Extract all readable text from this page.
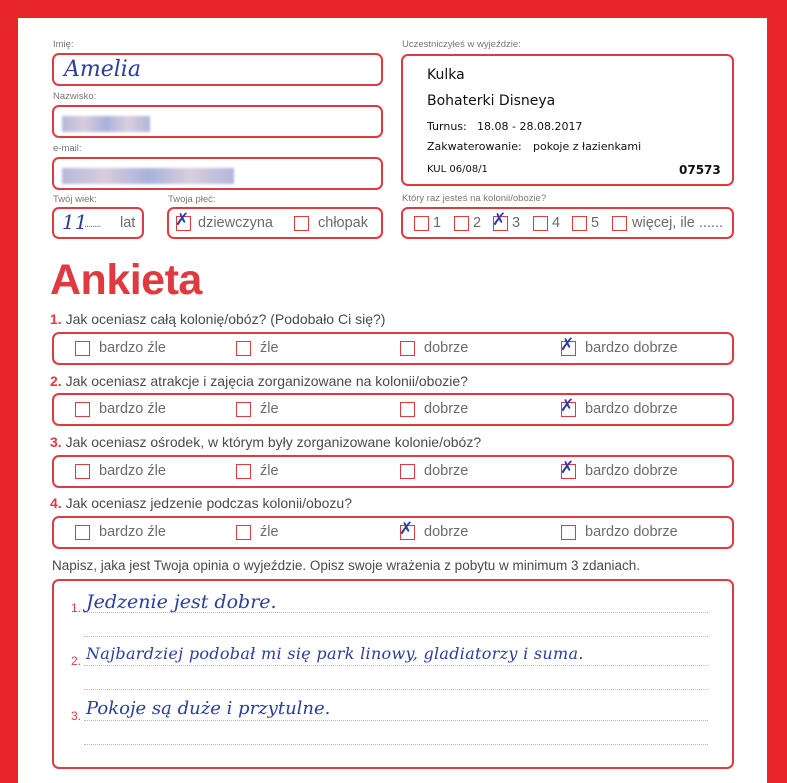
Imię:
Amelia
Nazwisko:
e-mail:
Twój wiek:
11
........ lat
Twoja płeć:
✗ dziewczyna	chłopak
Uczestniczyłeś w wyjeździe:
Kulka
Bohaterki Disneya
Turnus: 18.08 - 28.08.2017
Zakwaterowanie: pokoje z łazienkami
KUL 06/08/1	07573
Który raz jesteś na kolonii/obozie?
1 2 ✗ 3 4 5 więcej, ile ......
Ankieta
1. Jak oceniasz całą kolonię/obóz? (Podobało Ci się?)
bardzo źle	źle	dobrze	✗ bardzo dobrze
2. Jak oceniasz atrakcje i zajęcia zorganizowane na kolonii/obozie?
bardzo źle	źle	dobrze	✗ bardzo dobrze
3. Jak oceniasz ośrodek, w którym były zorganizowane kolonie/obóz?
bardzo źle	źle	dobrze	✗ bardzo dobrze
4. Jak oceniasz jedzenie podczas kolonii/obozu?
bardzo źle	źle	✗ dobrze	bardzo dobrze
Napisz, jaka jest Twoja opinia o wyjeździe. Opisz swoje wrażenia z pobytu w minimum 3 zdaniach.
1. Jedzenie jest dobre.
2. Najbardziej podobał mi się park linowy, gladiatorzy i suma.
3. Pokoje są duże i przytulne.
